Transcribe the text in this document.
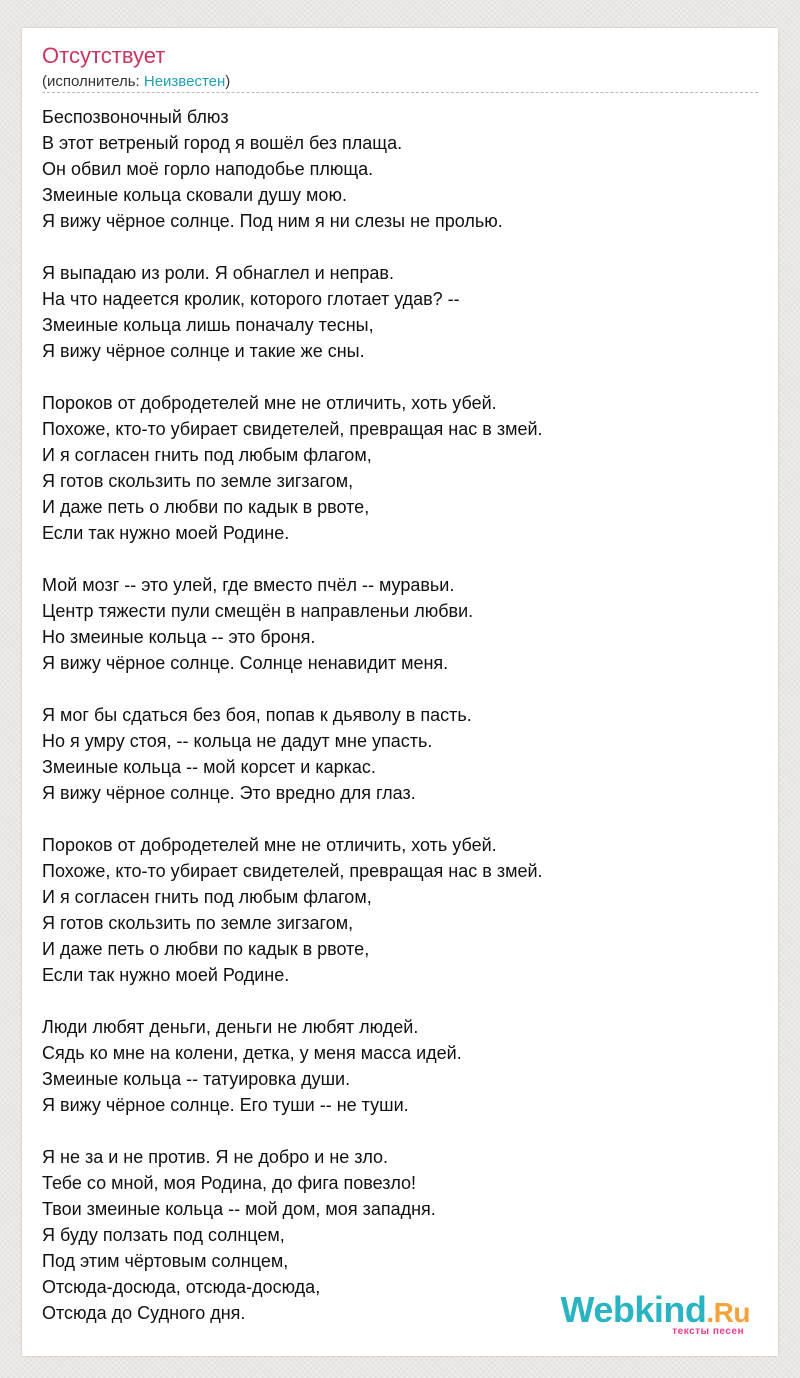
Отсутствует
(исполнитель: Неизвестен)
Беспозвоночный блюз
В этот ветреный город я вошёл без плаща.
Он обвил моё горло наподобье плюща.
Змеиные кольца сковали душу мою.
Я вижу чёрное солнце. Под ним я ни слезы не пролью.
Я выпадаю из роли. Я обнаглел и неправ.
На что надеется кролик, которого глотает удав? --
Змеиные кольца лишь поначалу тесны,
Я вижу чёрное солнце и такие же сны.
Пороков от добродетелей мне не отличить, хоть убей.
Похоже, кто-то убирает свидетелей, превращая нас в змей.
И я согласен гнить под любым флагом,
Я готов скользить по земле зигзагом,
И даже петь о любви по кадык в рвоте,
Если так нужно моей Родине.
Мой мозг -- это улей, где вместо пчёл -- муравьи.
Центр тяжести пули смещён в направленьи любви.
Но змеиные кольца -- это броня.
Я вижу чёрное солнце. Солнце ненавидит меня.
Я мог бы сдаться без боя, попав к дьяволу в пасть.
Но я умру стоя, -- кольца не дадут мне упасть.
Змеиные кольца -- мой корсет и каркас.
Я вижу чёрное солнце. Это вредно для глаз.
Пороков от добродетелей мне не отличить, хоть убей.
Похоже, кто-то убирает свидетелей, превращая нас в змей.
И я согласен гнить под любым флагом,
Я готов скользить по земле зигзагом,
И даже петь о любви по кадык в рвоте,
Если так нужно моей Родине.
Люди любят деньги, деньги не любят людей.
Сядь ко мне на колени, детка, у меня масса идей.
Змеиные кольца -- татуировка души.
Я вижу чёрное солнце. Его туши -- не туши.
Я не за и не против. Я не добро и не зло.
Тебе со мной, моя Родина, до фига повезло!
Твои змеиные кольца -- мой дом, моя западня.
Я буду ползать под солнцем,
Под этим чёртовым солнцем,
Отсюда-досюда, отсюда-досюда,
Отсюда до Судного дня.	Webkind.Ru
тексты песен
